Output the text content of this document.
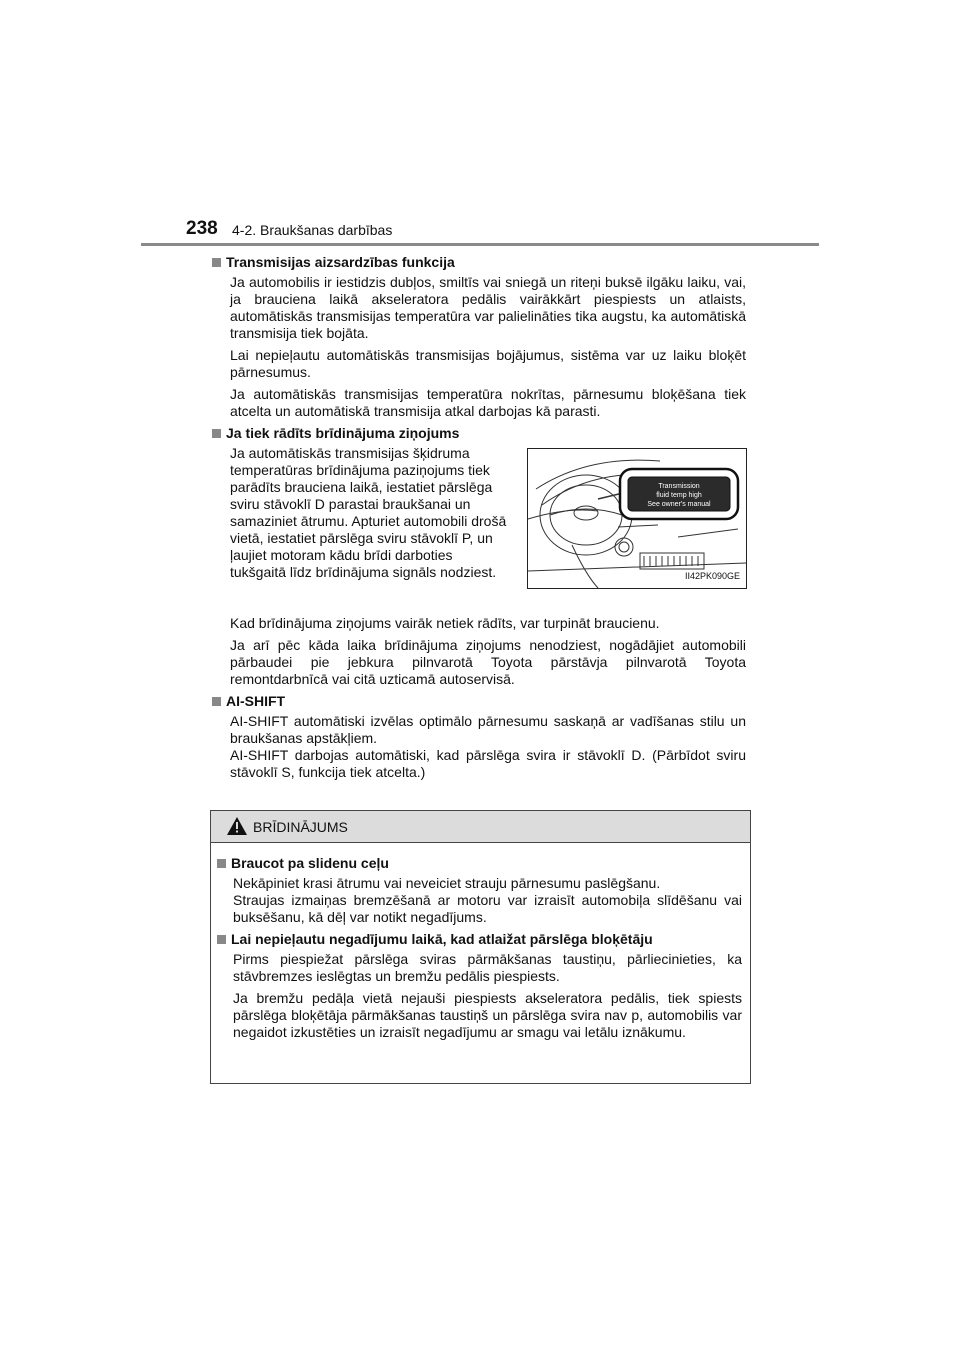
238 4-2. Braukšanas darbības
Transmisijas aizsardzības funkcija
Ja automobilis ir iestidzis dubļos, smiltīs vai sniegā un riteņi buksē ilgāku laiku, vai, ja brauciena laikā akseleratora pedālis vairākkārt piespiests un atlaists, automātiskās transmisijas temperatūra var palielināties tika augstu, ka automātiskā transmisija tiek bojāta.
Lai nepieļautu automātiskās transmisijas bojājumus, sistēma var uz laiku bloķēt pārnesumus.
Ja automātiskās transmisijas temperatūra nokrītas, pārnesumu bloķēšana tiek atcelta un automātiskā transmisija atkal darbojas kā parasti.
Ja tiek rādīts brīdinājuma ziņojums
Ja automātiskās transmisijas šķidruma temperatūras brīdinājuma paziņojums tiek parādīts brauciena laikā, iestatiet pārslēga sviru stāvoklī D parastai braukšanai un samaziniet ātrumu. Apturiet automobili drošā vietā, iestatiet pārslēga sviru stāvoklī P, un ļaujiet motoram kādu brīdi darboties tukšgaitā līdz brīdinājuma signāls nodziest.
Transmission
fluid temp high
See owner's manual
II42PK090GE
Kad brīdinājuma ziņojums vairāk netiek rādīts, var turpināt braucienu.
Ja arī pēc kāda laika brīdinājuma ziņojums nenodziest, nogādājiet automobili pārbaudei pie jebkura pilnvarotā Toyota pārstāvja pilnvarotā Toyota remontdarbnīcā vai citā uzticamā autoservisā.
AI-SHIFT
AI-SHIFT automātiski izvēlas optimālo pārnesumu saskaņā ar vadīšanas stilu un braukšanas apstākļiem.
AI-SHIFT darbojas automātiski, kad pārslēga svira ir stāvoklī D. (Pārbīdot sviru stāvoklī S, funkcija tiek atcelta.)
BRĪDINĀJUMS
Braucot pa slidenu ceļu
Nekāpiniet krasi ātrumu vai neveiciet strauju pārnesumu paslēgšanu.
Straujas izmaiņas bremzēšanā ar motoru var izraisīt automobiļa slīdēšanu vai buksēšanu, kā dēļ var notikt negadījums.
Lai nepieļautu negadījumu laikā, kad atlaižat pārslēga bloķētāju
Pirms piespiežat pārslēga sviras pārmākšanas taustiņu, pārliecinieties, ka stāvbremzes ieslēgtas un bremžu pedālis piespiests.
Ja bremžu pedāļa vietā nejauši piespiests akseleratora pedālis, tiek spiests pārslēga bloķētāja pārmākšanas taustiņš un pārslēga svira nav p, automobilis var negaidot izkustēties un izraisīt negadījumu ar smagu vai letālu iznākumu.
